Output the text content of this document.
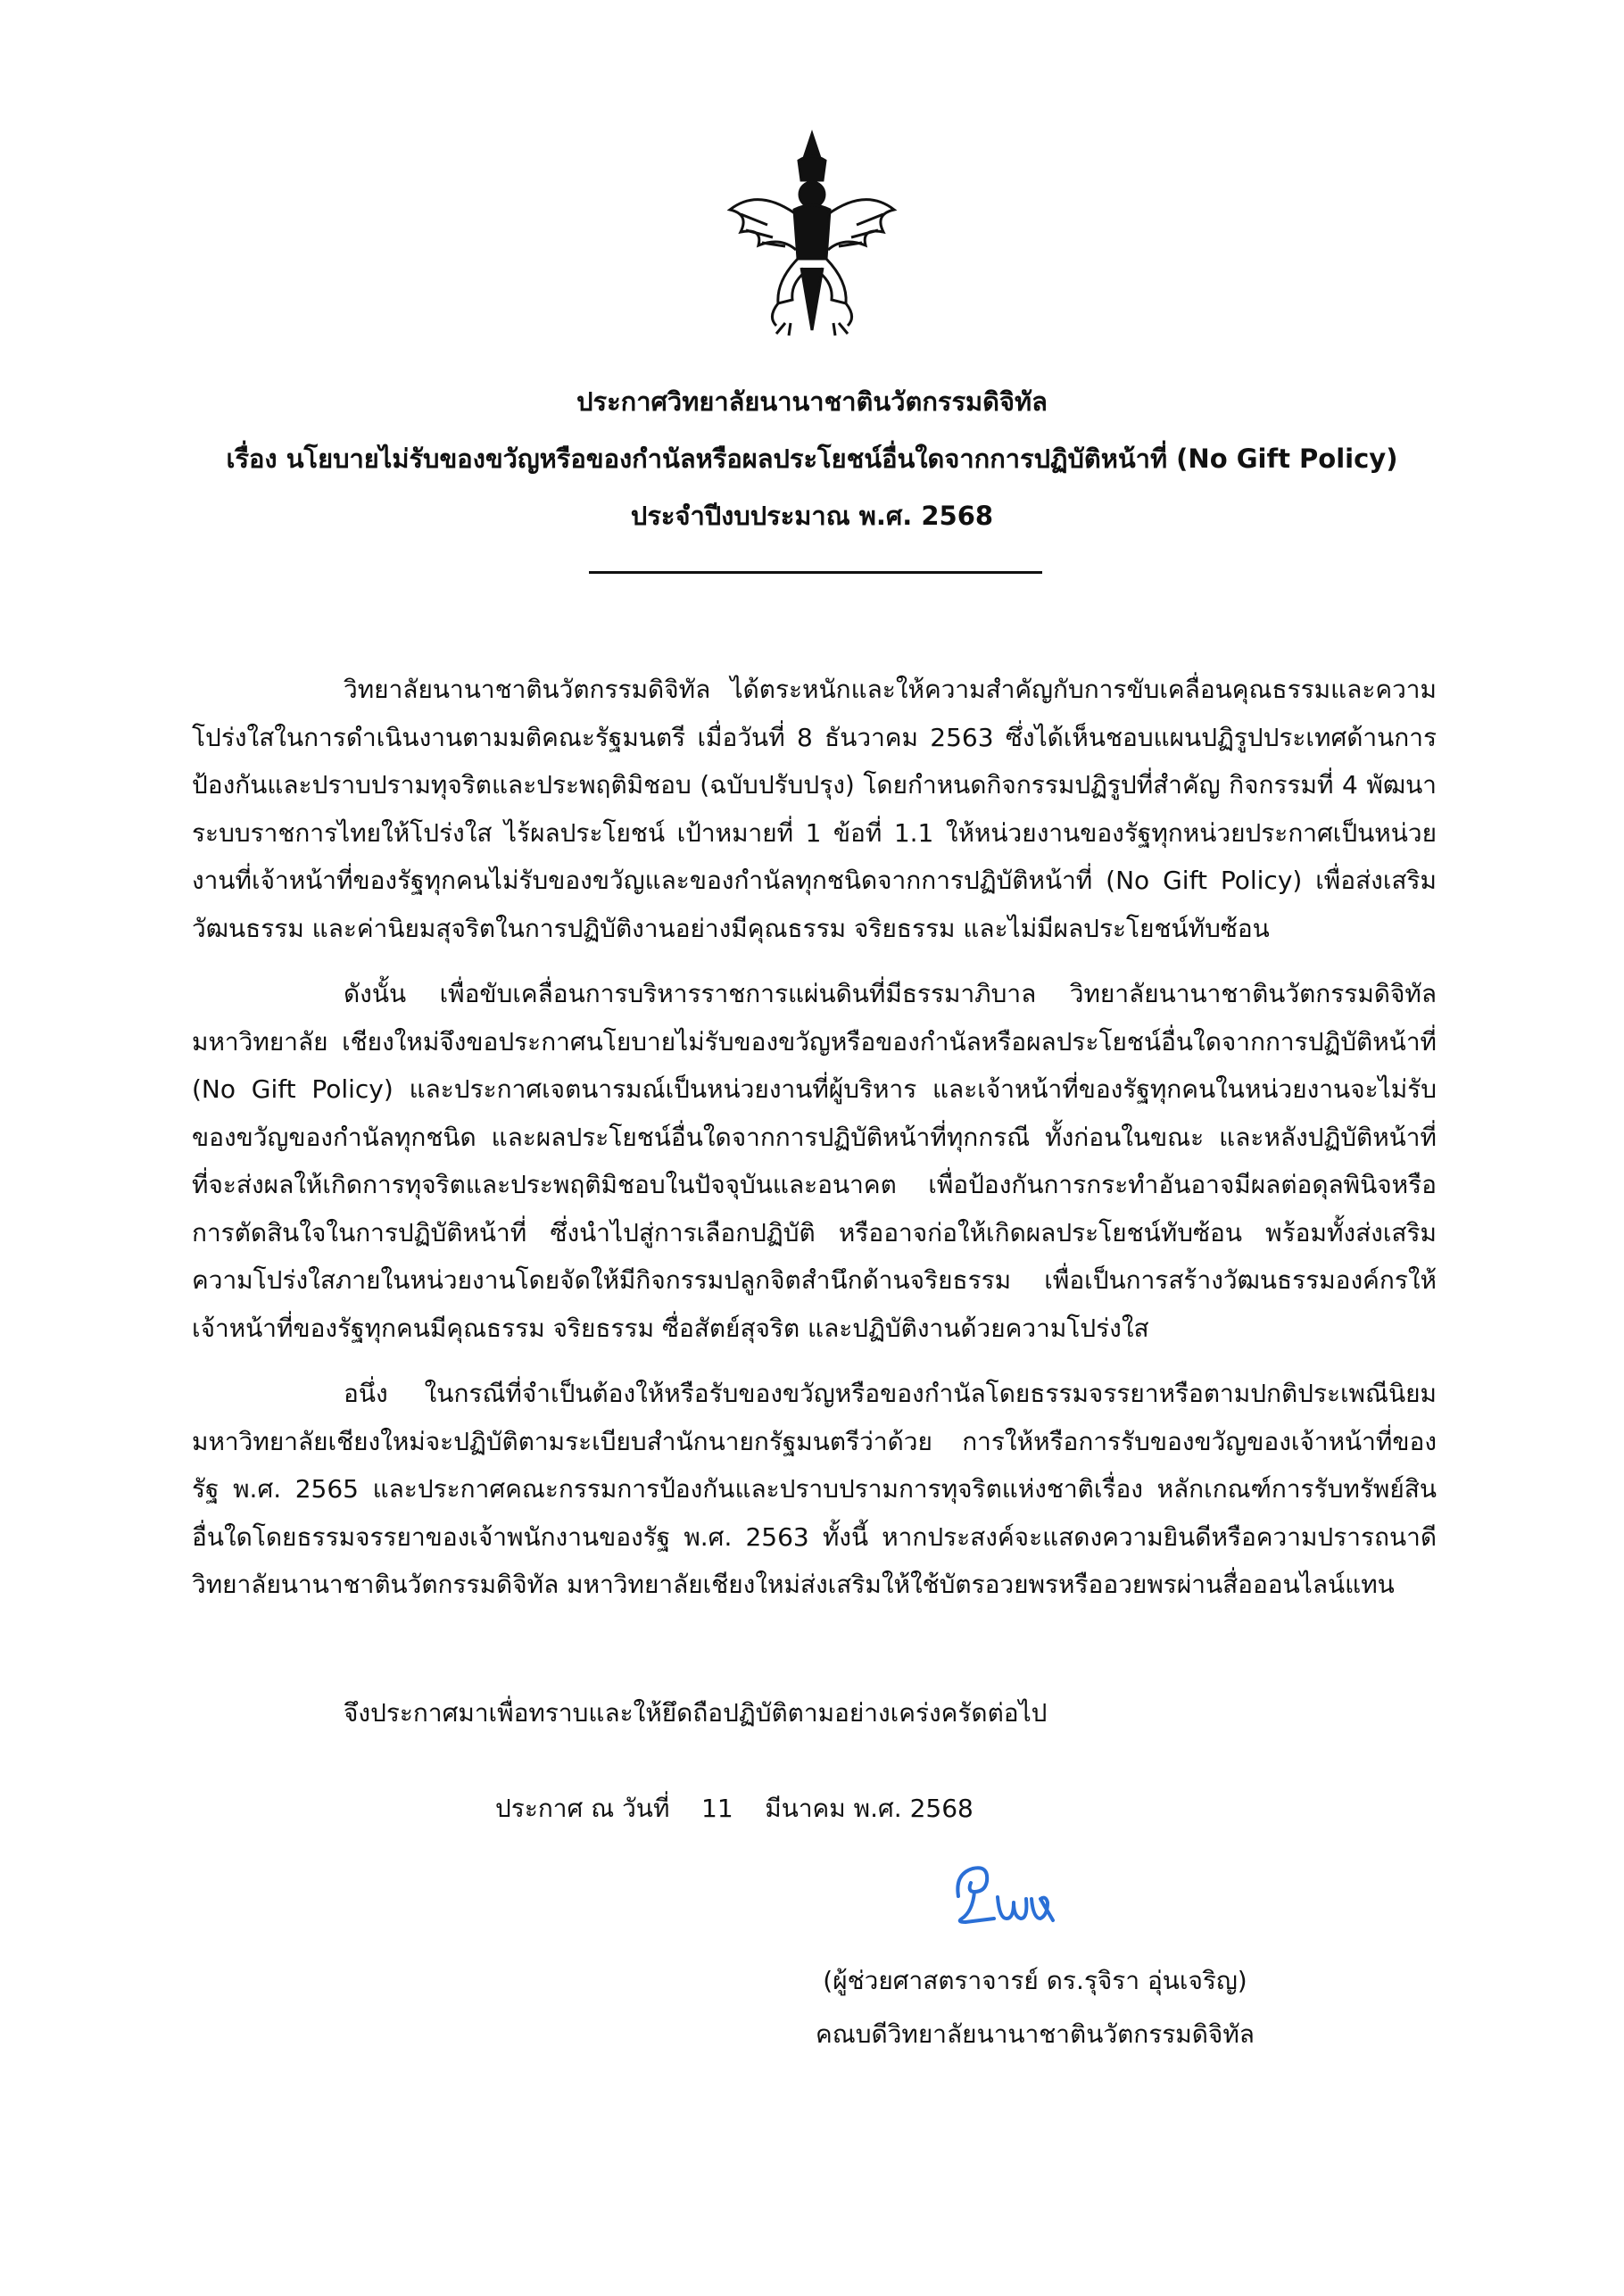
ประกาศวิทยาลัยนานาชาตินวัตกรรมดิจิทัล
เรื่อง นโยบายไม่รับของขวัญหรือของกำนัลหรือผลประโยชน์อื่นใดจากการปฏิบัติหน้าที่ (No Gift Policy)
ประจำปีงบประมาณ พ.ศ. 2568

วิทยาลัยนานาชาตินวัตกรรมดิจิทัล ได้ตระหนักและให้ความสำคัญกับการขับเคลื่อนคุณธรรมและความโปร่งใสในการดำเนินงานตามมติคณะรัฐมนตรี เมื่อวันที่ 8 ธันวาคม 2563 ซึ่งได้เห็นชอบแผนปฏิรูปประเทศด้านการป้องกันและปราบปรามทุจริตและประพฤติมิชอบ (ฉบับปรับปรุง) โดยกำหนดกิจกรรมปฏิรูปที่สำคัญ กิจกรรมที่ 4 พัฒนาระบบราชการไทยให้โปร่งใส ไร้ผลประโยชน์ เป้าหมายที่ 1 ข้อที่ 1.1 ให้หน่วยงานของรัฐทุกหน่วยประกาศเป็นหน่วยงานที่เจ้าหน้าที่ของรัฐทุกคนไม่รับของขวัญและของกำนัลทุกชนิดจากการปฏิบัติหน้าที่ (No Gift Policy) เพื่อส่งเสริมวัฒนธรรม และค่านิยมสุจริตในการปฏิบัติงานอย่างมีคุณธรรม จริยธรรม และไม่มีผลประโยชน์ทับซ้อน

ดังนั้น เพื่อขับเคลื่อนการบริหารราชการแผ่นดินที่มีธรรมาภิบาล วิทยาลัยนานาชาตินวัตกรรมดิจิทัล มหาวิทยาลัย เชียงใหม่จึงขอประกาศนโยบายไม่รับของขวัญหรือของกำนัลหรือผลประโยชน์อื่นใดจากการปฏิบัติหน้าที่ (No Gift Policy) และประกาศเจตนารมณ์เป็นหน่วยงานที่ผู้บริหาร และเจ้าหน้าที่ของรัฐทุกคนในหน่วยงานจะไม่รับของขวัญของกำนัลทุกชนิด และผลประโยชน์อื่นใดจากการปฏิบัติหน้าที่ทุกกรณี ทั้งก่อนในขณะ และหลังปฏิบัติหน้าที่ ที่จะส่งผลให้เกิดการทุจริตและประพฤติมิชอบในปัจจุบันและอนาคต เพื่อป้องกันการกระทำอันอาจมีผลต่อดุลพินิจหรือการตัดสินใจในการปฏิบัติหน้าที่ ซึ่งนำไปสู่การเลือกปฏิบัติ หรืออาจก่อให้เกิดผลประโยชน์ทับซ้อน พร้อมทั้งส่งเสริมความโปร่งใสภายในหน่วยงานโดยจัดให้มีกิจกรรมปลูกจิตสำนึกด้านจริยธรรม เพื่อเป็นการสร้างวัฒนธรรมองค์กรให้เจ้าหน้าที่ของรัฐทุกคนมีคุณธรรม จริยธรรม ซื่อสัตย์สุจริต และปฏิบัติงานด้วยความโปร่งใส

อนึ่ง ในกรณีที่จำเป็นต้องให้หรือรับของขวัญหรือของกำนัลโดยธรรมจรรยาหรือตามปกติประเพณีนิยม มหาวิทยาลัยเชียงใหม่จะปฏิบัติตามระเบียบสำนักนายกรัฐมนตรีว่าด้วย การให้หรือการรับของขวัญของเจ้าหน้าที่ของรัฐ พ.ศ. 2565 และประกาศคณะกรรมการป้องกันและปราบปรามการทุจริตแห่งชาติเรื่อง หลักเกณฑ์การรับทรัพย์สินอื่นใดโดยธรรมจรรยาของเจ้าพนักงานของรัฐ พ.ศ. 2563 ทั้งนี้ หากประสงค์จะแสดงความยินดีหรือความปรารถนาดี วิทยาลัยนานาชาตินวัตกรรมดิจิทัล มหาวิทยาลัยเชียงใหม่ส่งเสริมให้ใช้บัตรอวยพรหรืออวยพรผ่านสื่อออนไลน์แทน

จึงประกาศมาเพื่อทราบและให้ยึดถือปฏิบัติตามอย่างเคร่งครัดต่อไป
ประกาศ ณ วันที่    11    มีนาคม พ.ศ. 2568
(ผู้ช่วยศาสตราจารย์ ดร.รุจิรา อุ่นเจริญ)
คณบดีวิทยาลัยนานาชาตินวัตกรรมดิจิทัล
